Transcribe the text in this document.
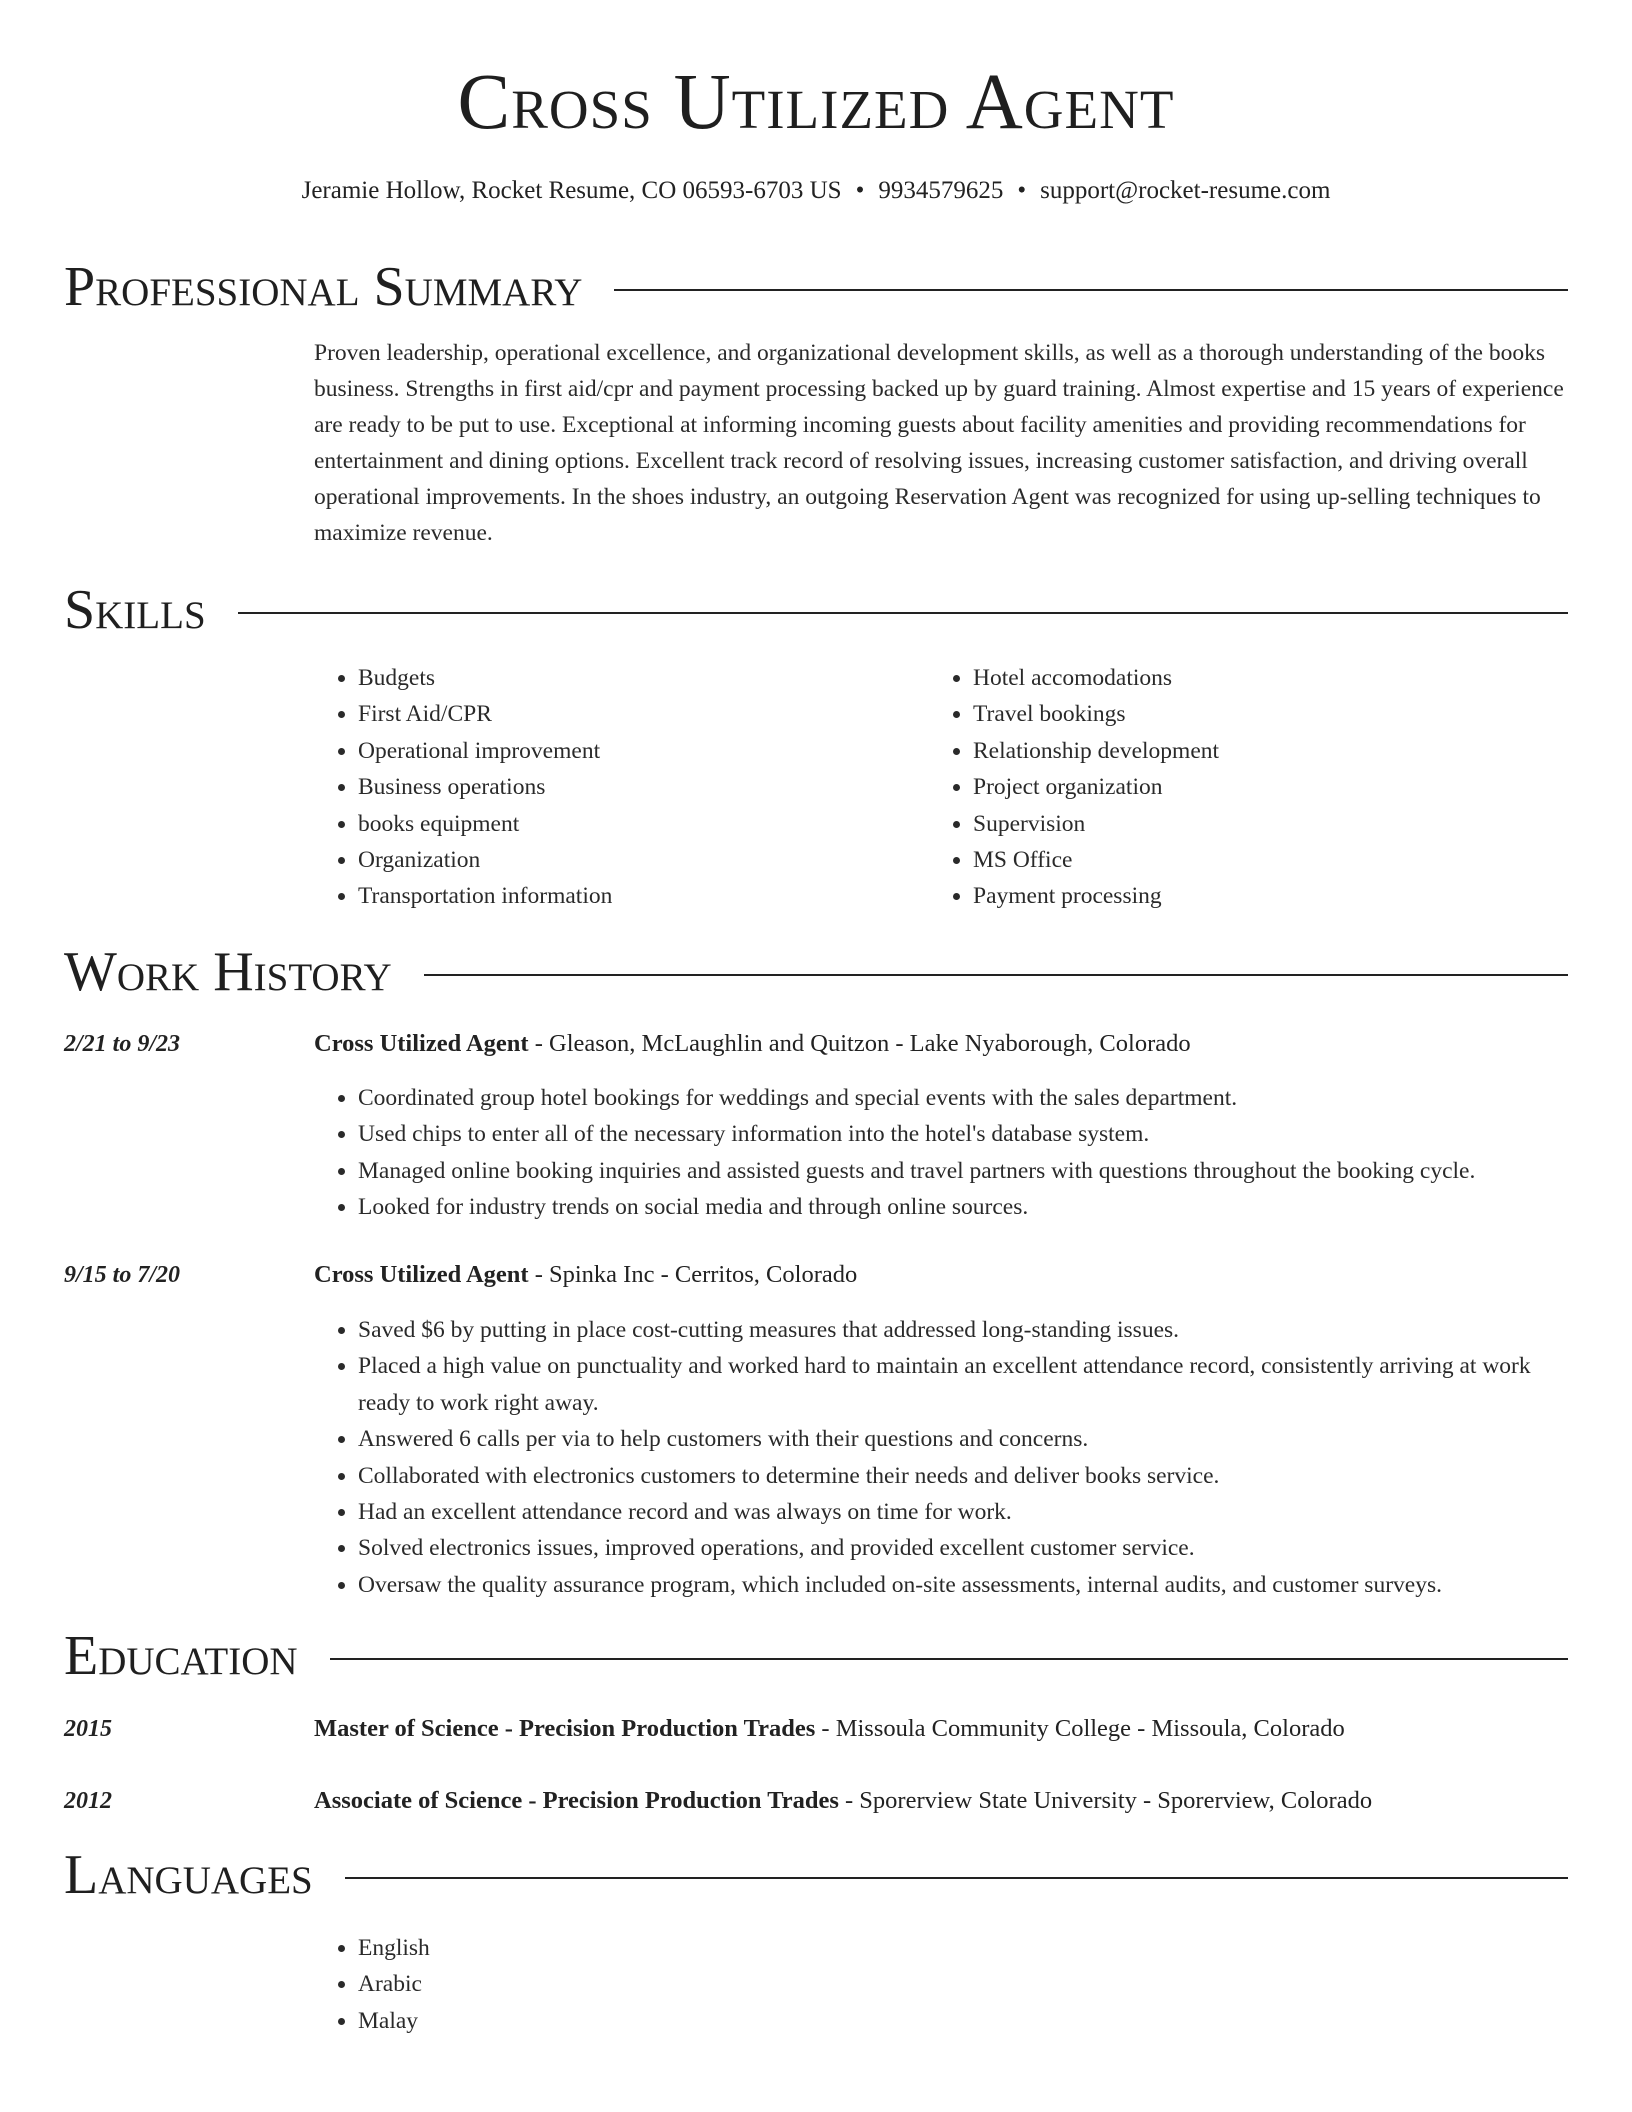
Cross Utilized Agent
Jeramie Hollow, Rocket Resume, CO 06593-6703 US • 9934579625 • support@rocket-resume.com
Professional Summary
Proven leadership, operational excellence, and organizational development skills, as well as a thorough understanding of the books business. Strengths in first aid/cpr and payment processing backed up by guard training. Almost expertise and 15 years of experience are ready to be put to use. Exceptional at informing incoming guests about facility amenities and providing recommendations for entertainment and dining options. Excellent track record of resolving issues, increasing customer satisfaction, and driving overall operational improvements. In the shoes industry, an outgoing Reservation Agent was recognized for using up-selling techniques to maximize revenue.
Skills
• Budgets
• First Aid/CPR
• Operational improvement
• Business operations
• books equipment
• Organization
• Transportation information
• Hotel accomodations
• Travel bookings
• Relationship development
• Project organization
• Supervision
• MS Office
• Payment processing
Work History
2/21 to 9/23	Cross Utilized Agent - Gleason, McLaughlin and Quitzon - Lake Nyaborough, Colorado
• Coordinated group hotel bookings for weddings and special events with the sales department.
• Used chips to enter all of the necessary information into the hotel's database system.
• Managed online booking inquiries and assisted guests and travel partners with questions throughout the booking cycle.
• Looked for industry trends on social media and through online sources.
9/15 to 7/20	Cross Utilized Agent - Spinka Inc - Cerritos, Colorado
• Saved $6 by putting in place cost-cutting measures that addressed long-standing issues.
• Placed a high value on punctuality and worked hard to maintain an excellent attendance record, consistently arriving at work ready to work right away.
• Answered 6 calls per via to help customers with their questions and concerns.
• Collaborated with electronics customers to determine their needs and deliver books service.
• Had an excellent attendance record and was always on time for work.
• Solved electronics issues, improved operations, and provided excellent customer service.
• Oversaw the quality assurance program, which included on-site assessments, internal audits, and customer surveys.
Education
2015	Master of Science - Precision Production Trades - Missoula Community College - Missoula, Colorado
2012	Associate of Science - Precision Production Trades - Sporerview State University - Sporerview, Colorado
Languages
• English
• Arabic
• Malay
